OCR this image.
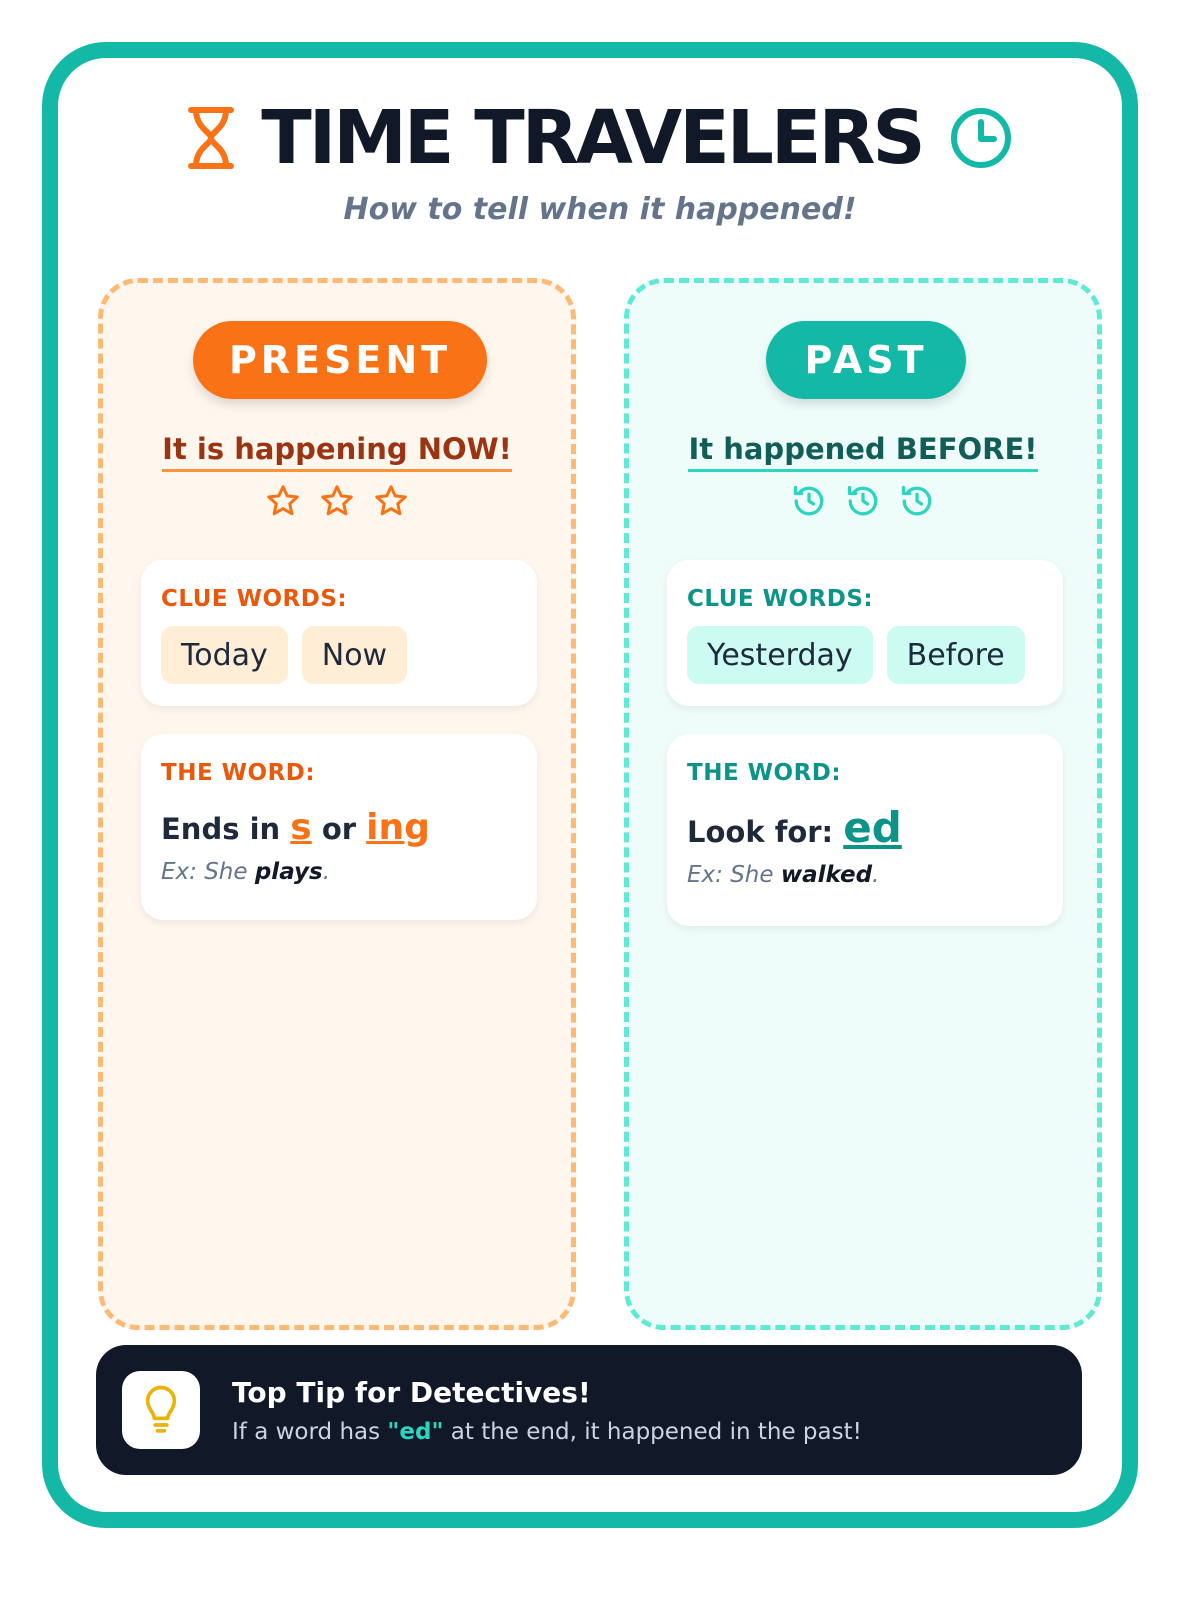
TIME TRAVELERS
How to tell when it happened!
PRESENT
It is happening NOW!
CLUE WORDS:
Today	Now
THE WORD:
Ends in s or ing
Ex: She plays.
PAST
It happened BEFORE!
CLUE WORDS:
Yesterday	Before
THE WORD:
Look for: ed
Ex: She walked.
Top Tip for Detectives!
If a word has "ed" at the end, it happened in the past!
